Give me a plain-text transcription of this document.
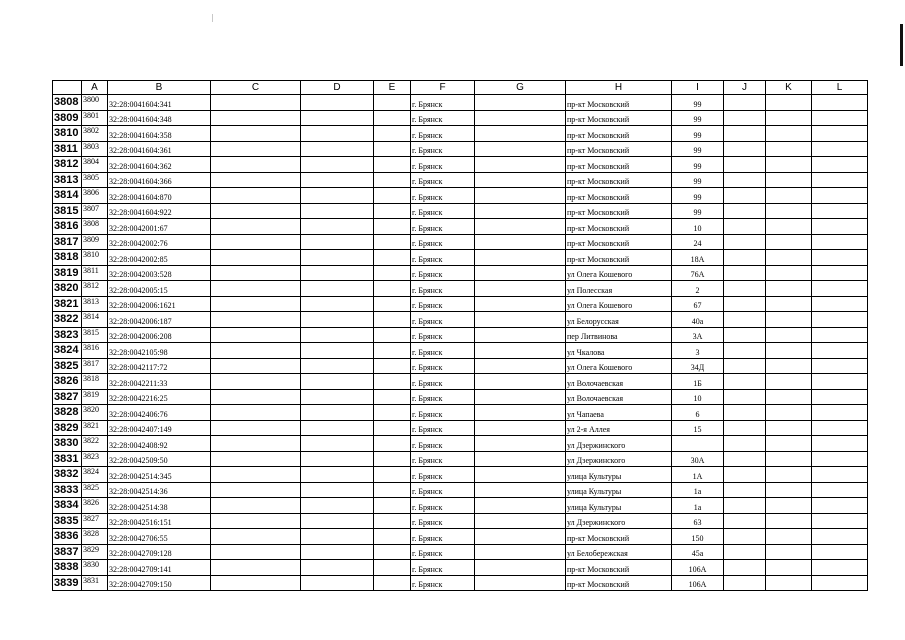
	A	B	C	D	E	F	G	H	I	J	K	L
3808	3800	32:28:0041604:341				г. Брянск		пр-кт Московский	99			
3809	3801	32:28:0041604:348				г. Брянск		пр-кт Московский	99			
3810	3802	32:28:0041604:358				г. Брянск		пр-кт Московский	99			
3811	3803	32:28:0041604:361				г. Брянск		пр-кт Московский	99			
3812	3804	32:28:0041604:362				г. Брянск		пр-кт Московский	99			
3813	3805	32:28:0041604:366				г. Брянск		пр-кт Московский	99			
3814	3806	32:28:0041604:870				г. Брянск		пр-кт Московский	99			
3815	3807	32:28:0041604:922				г. Брянск		пр-кт Московский	99			
3816	3808	32:28:0042001:67				г. Брянск		пр-кт Московский	10			
3817	3809	32:28:0042002:76				г. Брянск		пр-кт Московский	24			
3818	3810	32:28:0042002:85				г. Брянск		пр-кт Московский	18А			
3819	3811	32:28:0042003:528				г. Брянск		ул Олега Кошевого	76А			
3820	3812	32:28:0042005:15				г. Брянск		ул Полесская	2			
3821	3813	32:28:0042006:1621				г. Брянск		ул Олега Кошевого	67			
3822	3814	32:28:0042006:187				г. Брянск		ул Белорусская	40а			
3823	3815	32:28:0042006:208				г. Брянск		пер Литвинова	3А			
3824	3816	32:28:0042105:98				г. Брянск		ул Чкалова	3			
3825	3817	32:28:0042117:72				г. Брянск		ул Олега Кошевого	34Д			
3826	3818	32:28:0042211:33				г. Брянск		ул Волочаевская	1Б			
3827	3819	32:28:0042216:25				г. Брянск		ул Волочаевская	10			
3828	3820	32:28:0042406:76				г. Брянск		ул Чапаева	6			
3829	3821	32:28:0042407:149				г. Брянск		ул 2-я Аллея	15			
3830	3822	32:28:0042408:92				г. Брянск		ул Дзержинского				
3831	3823	32:28:0042509:50				г. Брянск		ул Дзержинского	30А			
3832	3824	32:28:0042514:345				г. Брянск		улица Культуры	1А			
3833	3825	32:28:0042514:36				г. Брянск		улица Культуры	1а			
3834	3826	32:28:0042514:38				г. Брянск		улица Культуры	1а			
3835	3827	32:28:0042516:151				г. Брянск		ул Дзержинского	63			
3836	3828	32:28:0042706:55				г. Брянск		пр-кт Московский	150			
3837	3829	32:28:0042709:128				г. Брянск		ул Белобережская	45а			
3838	3830	32:28:0042709:141				г. Брянск		пр-кт Московский	106А			
3839	3831	32:28:0042709:150				г. Брянск		пр-кт Московский	106А			
